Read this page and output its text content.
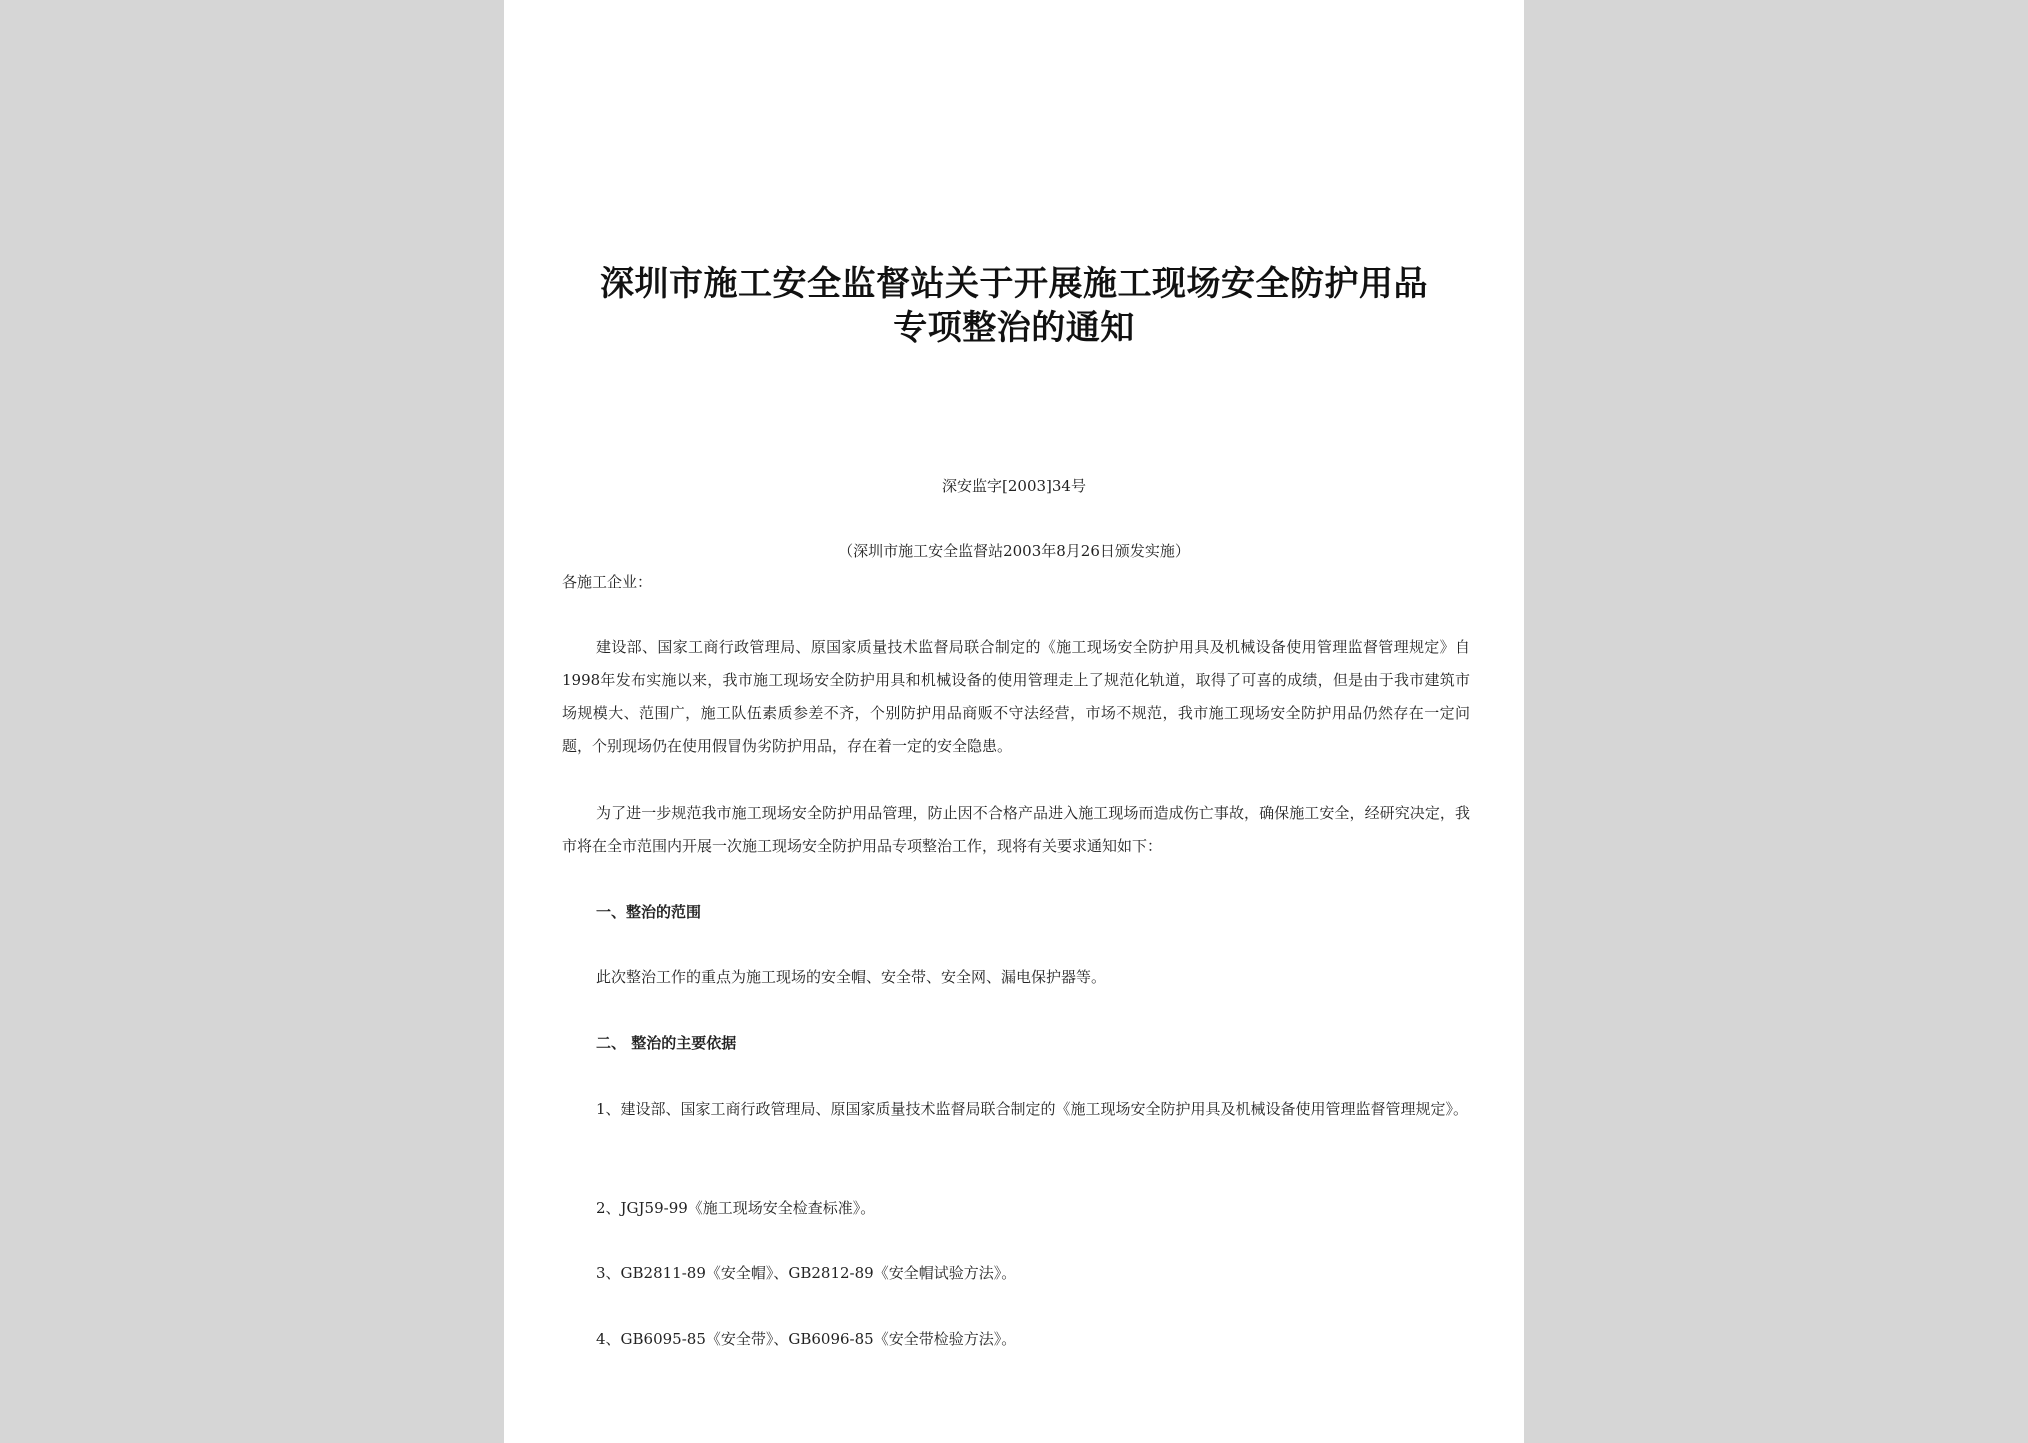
深圳市施工安全监督站关于开展施工现场安全防护用品
专项整治的通知
深安监字[2003]34号
（深圳市施工安全监督站2003年8月26日颁发实施）
各施工企业：
建设部、国家工商行政管理局、原国家质量技术监督局联合制定的《施工现场安全防护用具及机械设备使用管理监督管理规定》自1998年发布实施以来，我市施工现场安全防护用具和机械设备的使用管理走上了规范化轨道，取得了可喜的成绩，但是由于我市建筑市场规模大、范围广，施工队伍素质参差不齐，个别防护用品商贩不守法经营，市场不规范，我市施工现场安全防护用品仍然存在一定问题，个别现场仍在使用假冒伪劣防护用品，存在着一定的安全隐患。
为了进一步规范我市施工现场安全防护用品管理，防止因不合格产品进入施工现场而造成伤亡事故，确保施工安全，经研究决定，我市将在全市范围内开展一次施工现场安全防护用品专项整治工作，现将有关要求通知如下：
一、整治的范围
此次整治工作的重点为施工现场的安全帽、安全带、安全网、漏电保护器等。
二、 整治的主要依据
1、建设部、国家工商行政管理局、原国家质量技术监督局联合制定的《施工现场安全防护用具及机械设备使用管理监督管理规定》。
2、JGJ59-99《施工现场安全检查标准》。
3、GB2811-89《安全帽》、GB2812-89《安全帽试验方法》。
4、GB6095-85《安全带》、GB6096-85《安全带检验方法》。
